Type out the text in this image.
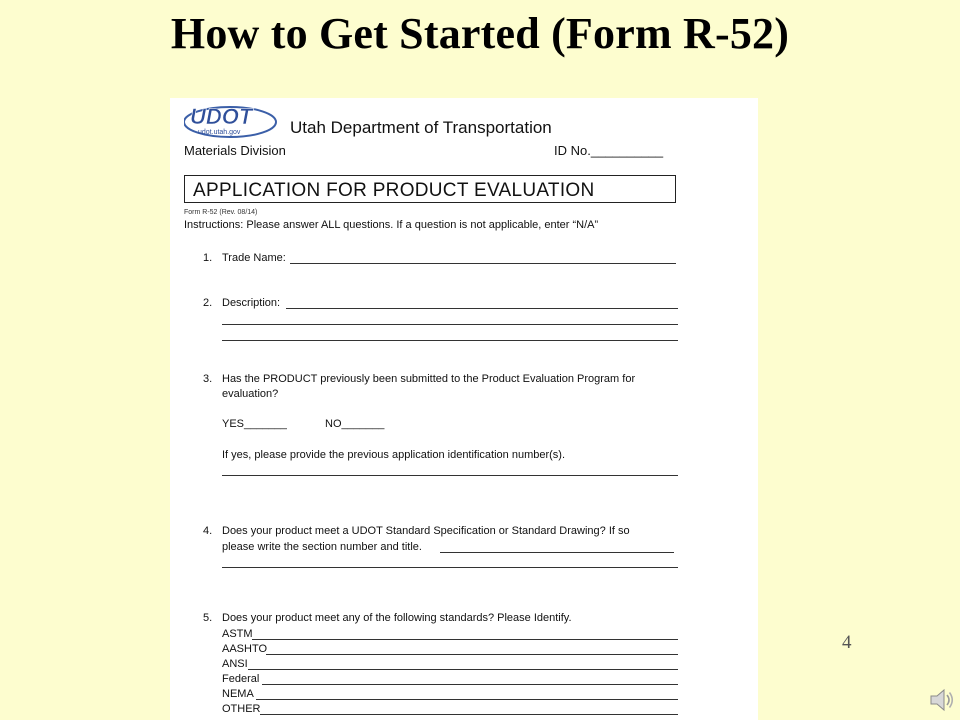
How to Get Started (Form R-52)
UDOT
udot.utah.gov	Utah Department of Transportation
Materials Division	ID No.__________
APPLICATION FOR PRODUCT EVALUATION
Form R-52 (Rev. 08/14)
Instructions: Please answer ALL questions. If a question is not applicable, enter “N/A”
1. Trade Name:
2. Description:
3. Has the PRODUCT previously been submitted to the Product Evaluation Program for
evaluation?
YES_______	NO_______
If yes, please provide the previous application identification number(s).
4. Does your product meet a UDOT Standard Specification or Standard Drawing? If so
please write the section number and title.
5. Does your product meet any of the following standards? Please Identify.
ASTM
AASHTO
ANSI
Federal
NEMA
OTHER
4
